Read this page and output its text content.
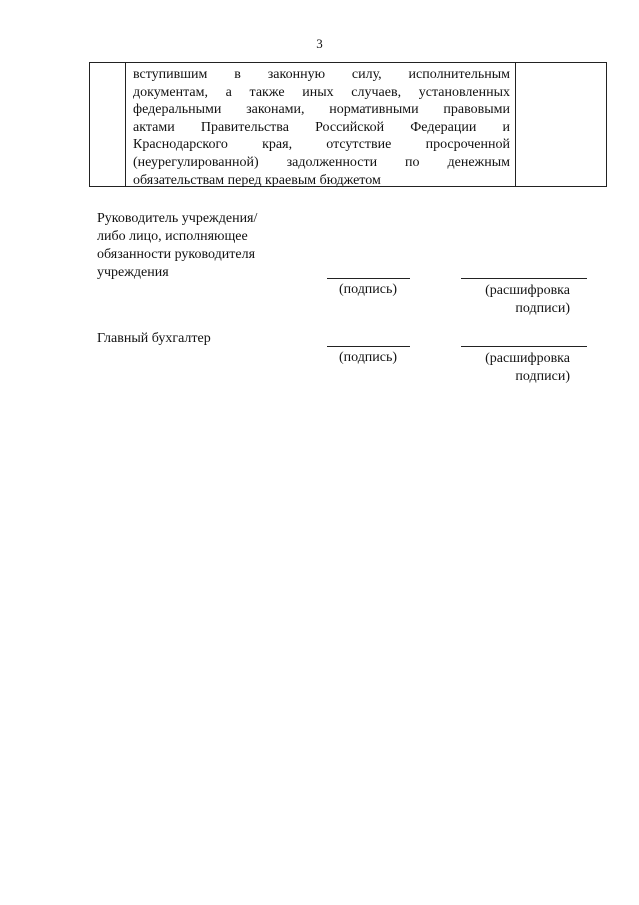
3
вступившим в законную силу, исполнительным
документам, а также иных случаев, установленных
федеральными законами, нормативными правовыми
актами Правительства Российской Федерации и
Краснодарского края, отсутствие просроченной
(неурегулированной) задолженности по денежным
обязательствам перед краевым бюджетом
Руководитель учреждения/
либо лицо, исполняющее
обязанности руководителя
учреждения
(подпись)	(расшифровка
подписи)
Главный бухгалтер
(подпись)	(расшифровка
подписи)
